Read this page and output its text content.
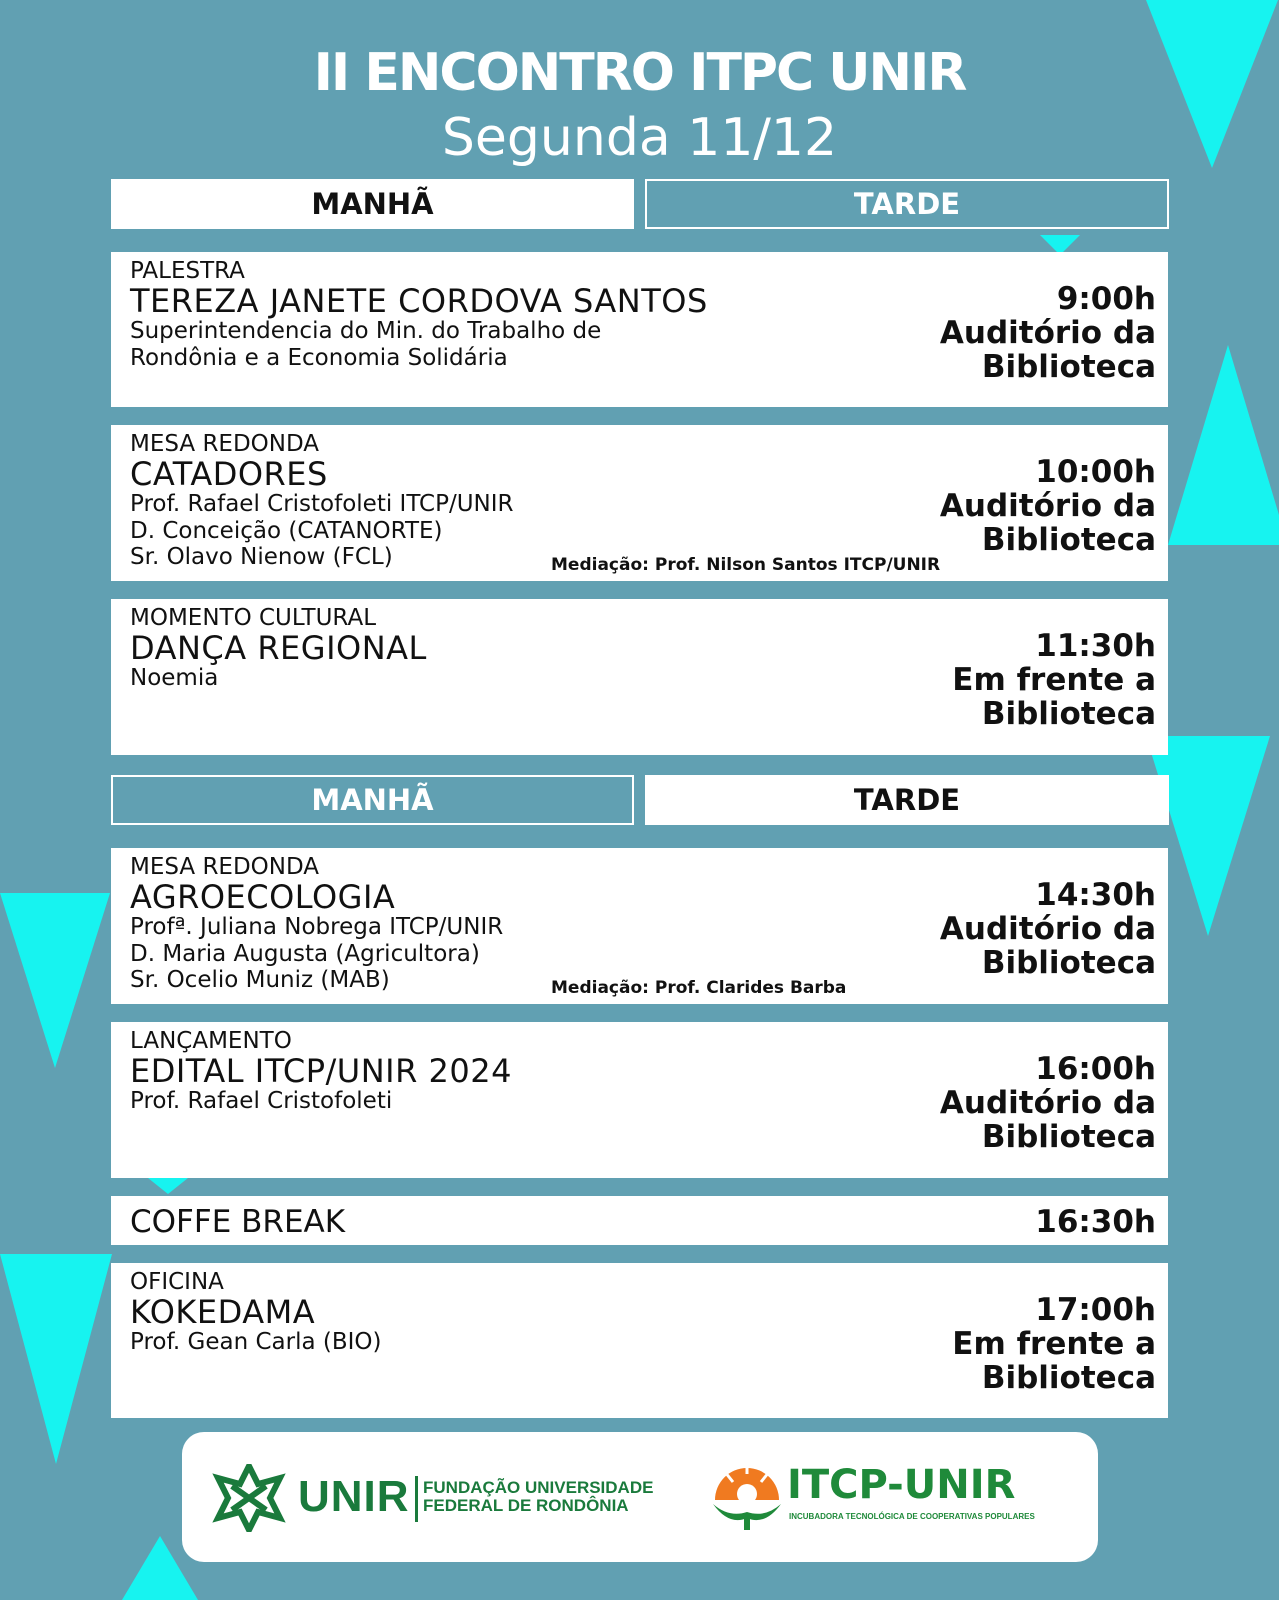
II ENCONTRO ITPC UNIR
Segunda 11/12
MANHÃ	TARDE
PALESTRA
TEREZA JANETE CORDOVA SANTOS
Superintendencia do Min. do Trabalho de
Rondônia e a Economia Solidária
9:00h
Auditório da
Biblioteca
MESA REDONDA
CATADORES
Prof. Rafael Cristofoleti ITCP/UNIR
D. Conceição (CATANORTE)
Sr. Olavo Nienow (FCL)	Mediação: Prof. Nilson Santos ITCP/UNIR
10:00h
Auditório da
Biblioteca
MOMENTO CULTURAL
DANÇA REGIONAL
Noemia
11:30h
Em frente a
Biblioteca
MANHÃ	TARDE
MESA REDONDA
AGROECOLOGIA
Profª. Juliana Nobrega ITCP/UNIR
D. Maria Augusta (Agricultora)
Sr. Ocelio Muniz (MAB)	Mediação: Prof. Clarides Barba
14:30h
Auditório da
Biblioteca
LANÇAMENTO
EDITAL ITCP/UNIR 2024
Prof. Rafael Cristofoleti
16:00h
Auditório da
Biblioteca
COFFE BREAK	16:30h
OFICINA
KOKEDAMA
Prof. Gean Carla (BIO)
17:00h
Em frente a
Biblioteca
UNIR FUNDAÇÃO UNIVERSIDADE
FEDERAL DE RONDÔNIA	ITCP-UNIR
INCUBADORA TECNOLÓGICA DE COOPERATIVAS POPULARES
